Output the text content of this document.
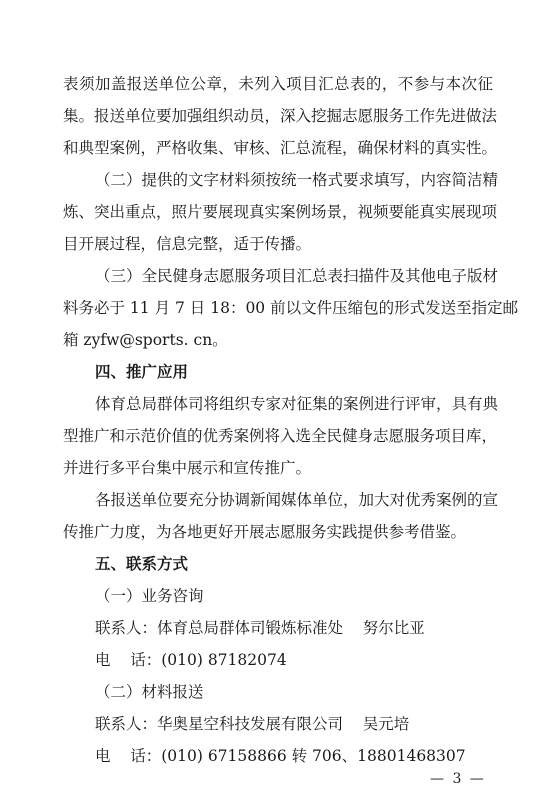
表须加盖报送单位公章，未列入项目汇总表的，不参与本次征
集。报送单位要加强组织动员，深入挖掘志愿服务工作先进做法
和典型案例，严格收集、审核、汇总流程，确保材料的真实性。
（二）提供的文字材料须按统一格式要求填写，内容简洁精
炼、突出重点，照片要展现真实案例场景，视频要能真实展现项
目开展过程，信息完整，适于传播。
（三）全民健身志愿服务项目汇总表扫描件及其他电子版材
料务必于 11 月 7 日 18：00 前以文件压缩包的形式发送至指定邮
箱 zyfw@sports. cn。
四、推广应用
体育总局群体司将组织专家对征集的案例进行评审，具有典
型推广和示范价值的优秀案例将入选全民健身志愿服务项目库，
并进行多平台集中展示和宣传推广。
各报送单位要充分协调新闻媒体单位，加大对优秀案例的宣
传推广力度，为各地更好开展志愿服务实践提供参考借鉴。
五、联系方式
（一）业务咨询
联系人：体育总局群体司锻炼标准处    努尔比亚
电    话：(010) 87182074
（二）材料报送
联系人：华奥星空科技发展有限公司    吴元培
电    话：(010) 67158866 转 706、18801468307
— 3 —
